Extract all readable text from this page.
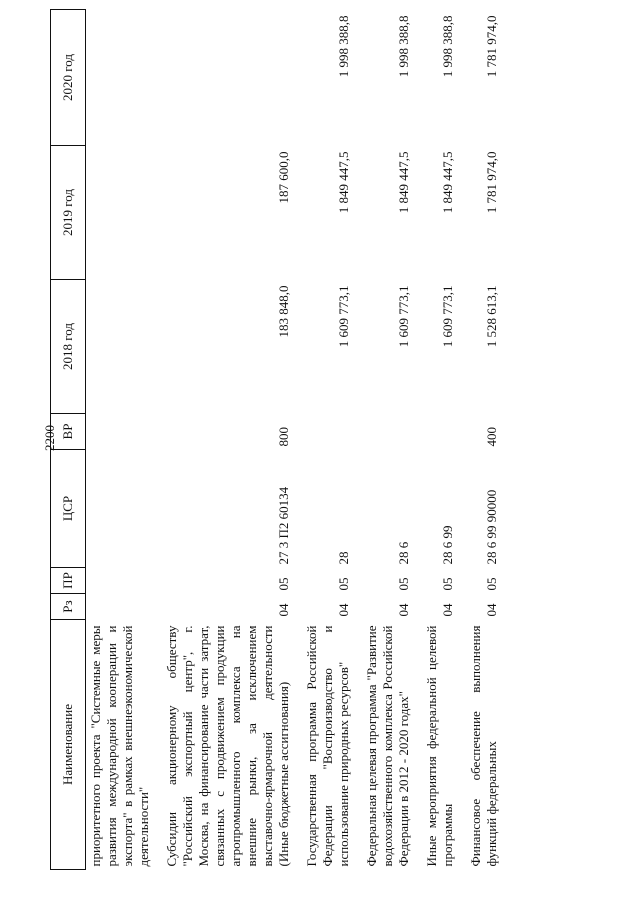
2200
Наименование	Рз	ПР	ЦСР	ВР	2018 год	2019 год	2020 год
приоритетного проекта "Системные меры развития международной кооперации и экспорта" в рамках внешнеэкономической деятельности"							
Субсидии акционерному обществу "Российский экспортный центр", г. Москва, на финансирование части затрат, связанных с продвижением продукции агропромышленного комплекса на внешние рынки, за исключением выставочно-ярмарочной деятельности (Иные бюджетные ассигнования)	04	05	27 3 П2 60134	800	183 848,0	187 600,0	
Государственная программа Российской Федерации "Воспроизводство и использование природных ресурсов"	04	05	28		1 609 773,1	1 849 447,5	1 998 388,8
Федеральная целевая программа "Развитие водохозяйственного комплекса Российской Федерации в 2012 - 2020 годах"	04	05	28 6		1 609 773,1	1 849 447,5	1 998 388,8
Иные мероприятия федеральной целевой программы	04	05	28 6 99		1 609 773,1	1 849 447,5	1 998 388,8
Финансовое обеспечение выполнения функций федеральных	04	05	28 6 99 90000	400	1 528 613,1	1 781 974,0	1 781 974,0
